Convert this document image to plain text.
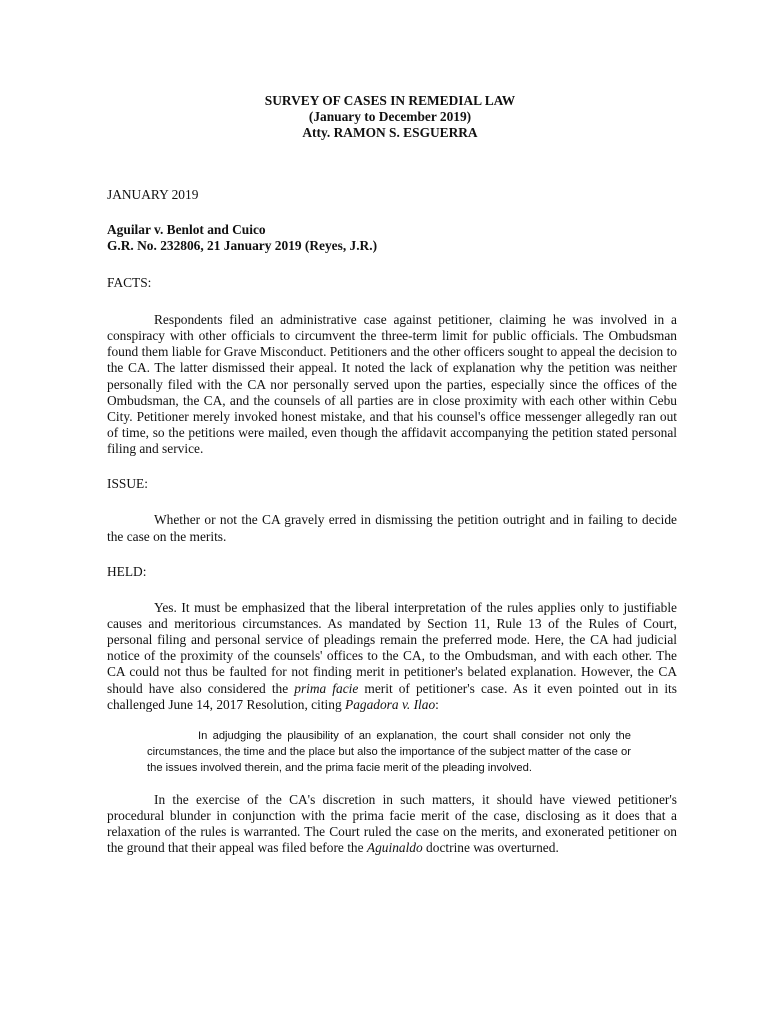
SURVEY OF CASES IN REMEDIAL LAW
(January to December 2019)
Atty. RAMON S. ESGUERRA
JANUARY 2019
Aguilar v. Benlot and Cuico
G.R. No. 232806, 21 January 2019 (Reyes, J.R.)
FACTS:
Respondents filed an administrative case against petitioner, claiming he was involved in a conspiracy with other officials to circumvent the three-term limit for public officials. The Ombudsman found them liable for Grave Misconduct. Petitioners and the other officers sought to appeal the decision to the CA. The latter dismissed their appeal. It noted the lack of explanation why the petition was neither personally filed with the CA nor personally served upon the parties, especially since the offices of the Ombudsman, the CA, and the counsels of all parties are in close proximity with each other within Cebu City. Petitioner merely invoked honest mistake, and that his counsel's office messenger allegedly ran out of time, so the petitions were mailed, even though the affidavit accompanying the petition stated personal filing and service.
ISSUE:
Whether or not the CA gravely erred in dismissing the petition outright and in failing to decide the case on the merits.
HELD:
Yes. It must be emphasized that the liberal interpretation of the rules applies only to justifiable causes and meritorious circumstances. As mandated by Section 11, Rule 13 of the Rules of Court, personal filing and personal service of pleadings remain the preferred mode. Here, the CA had judicial notice of the proximity of the counsels' offices to the CA, to the Ombudsman, and with each other. The CA could not thus be faulted for not finding merit in petitioner's belated explanation. However, the CA should have also considered the prima facie merit of petitioner's case. As it even pointed out in its challenged June 14, 2017 Resolution, citing Pagadora v. Ilao:
In adjudging the plausibility of an explanation, the court shall consider not only the circumstances, the time and the place but also the importance of the subject matter of the case or the issues involved therein, and the prima facie merit of the pleading involved.
In the exercise of the CA's discretion in such matters, it should have viewed petitioner's procedural blunder in conjunction with the prima facie merit of the case, disclosing as it does that a relaxation of the rules is warranted. The Court ruled the case on the merits, and exonerated petitioner on the ground that their appeal was filed before the Aguinaldo doctrine was overturned.
